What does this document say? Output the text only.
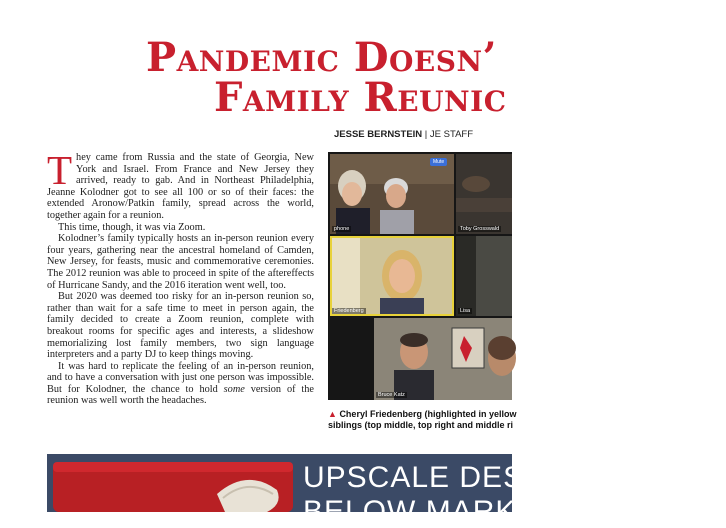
Pandemic Doesn’
Family Reunic
JESSE BERNSTEIN | JE STAFF

They came from Russia and the state of Georgia, New York and Israel. From France and New Jersey they arrived, ready to gab. And in Northeast Philadelphia, Jeanne Kolodner got to see all 100 or so of their faces: the extended Aronow/Patkin family, spread across the world, together again for a reunion.

This time, though, it was via Zoom.

Kolodner’s family typically hosts an in-person reunion every four years, gathering near the ancestral homeland of Camden, New Jersey, for feasts, music and commemorative ceremonies. The 2012 reunion was able to proceed in spite of the aftereffects of Hurricane Sandy, and the 2016 iteration went well, too.

But 2020 was deemed too risky for an in-person reunion so, rather than wait for a safe time to meet in person again, the family decided to create a Zoom reunion, complete with breakout rooms for specific ages and interests, a slideshow memorializing lost family members, two sign language interpreters and a party DJ to keep things moving.

It was hard to replicate the feeling of an in-person reunion, and to have a conversation with just one person was impossible. But for Kolodner, the chance to hold some version of the reunion was well worth the headaches.

phone
Mute
Toby Grosswald
Friedenberg	Lisa
Bruce Katz
▲ Cheryl Friedenberg (highlighted in yellow
siblings (top middle, top right and middle ri
UPSCALE DES
BELOW MARKE
